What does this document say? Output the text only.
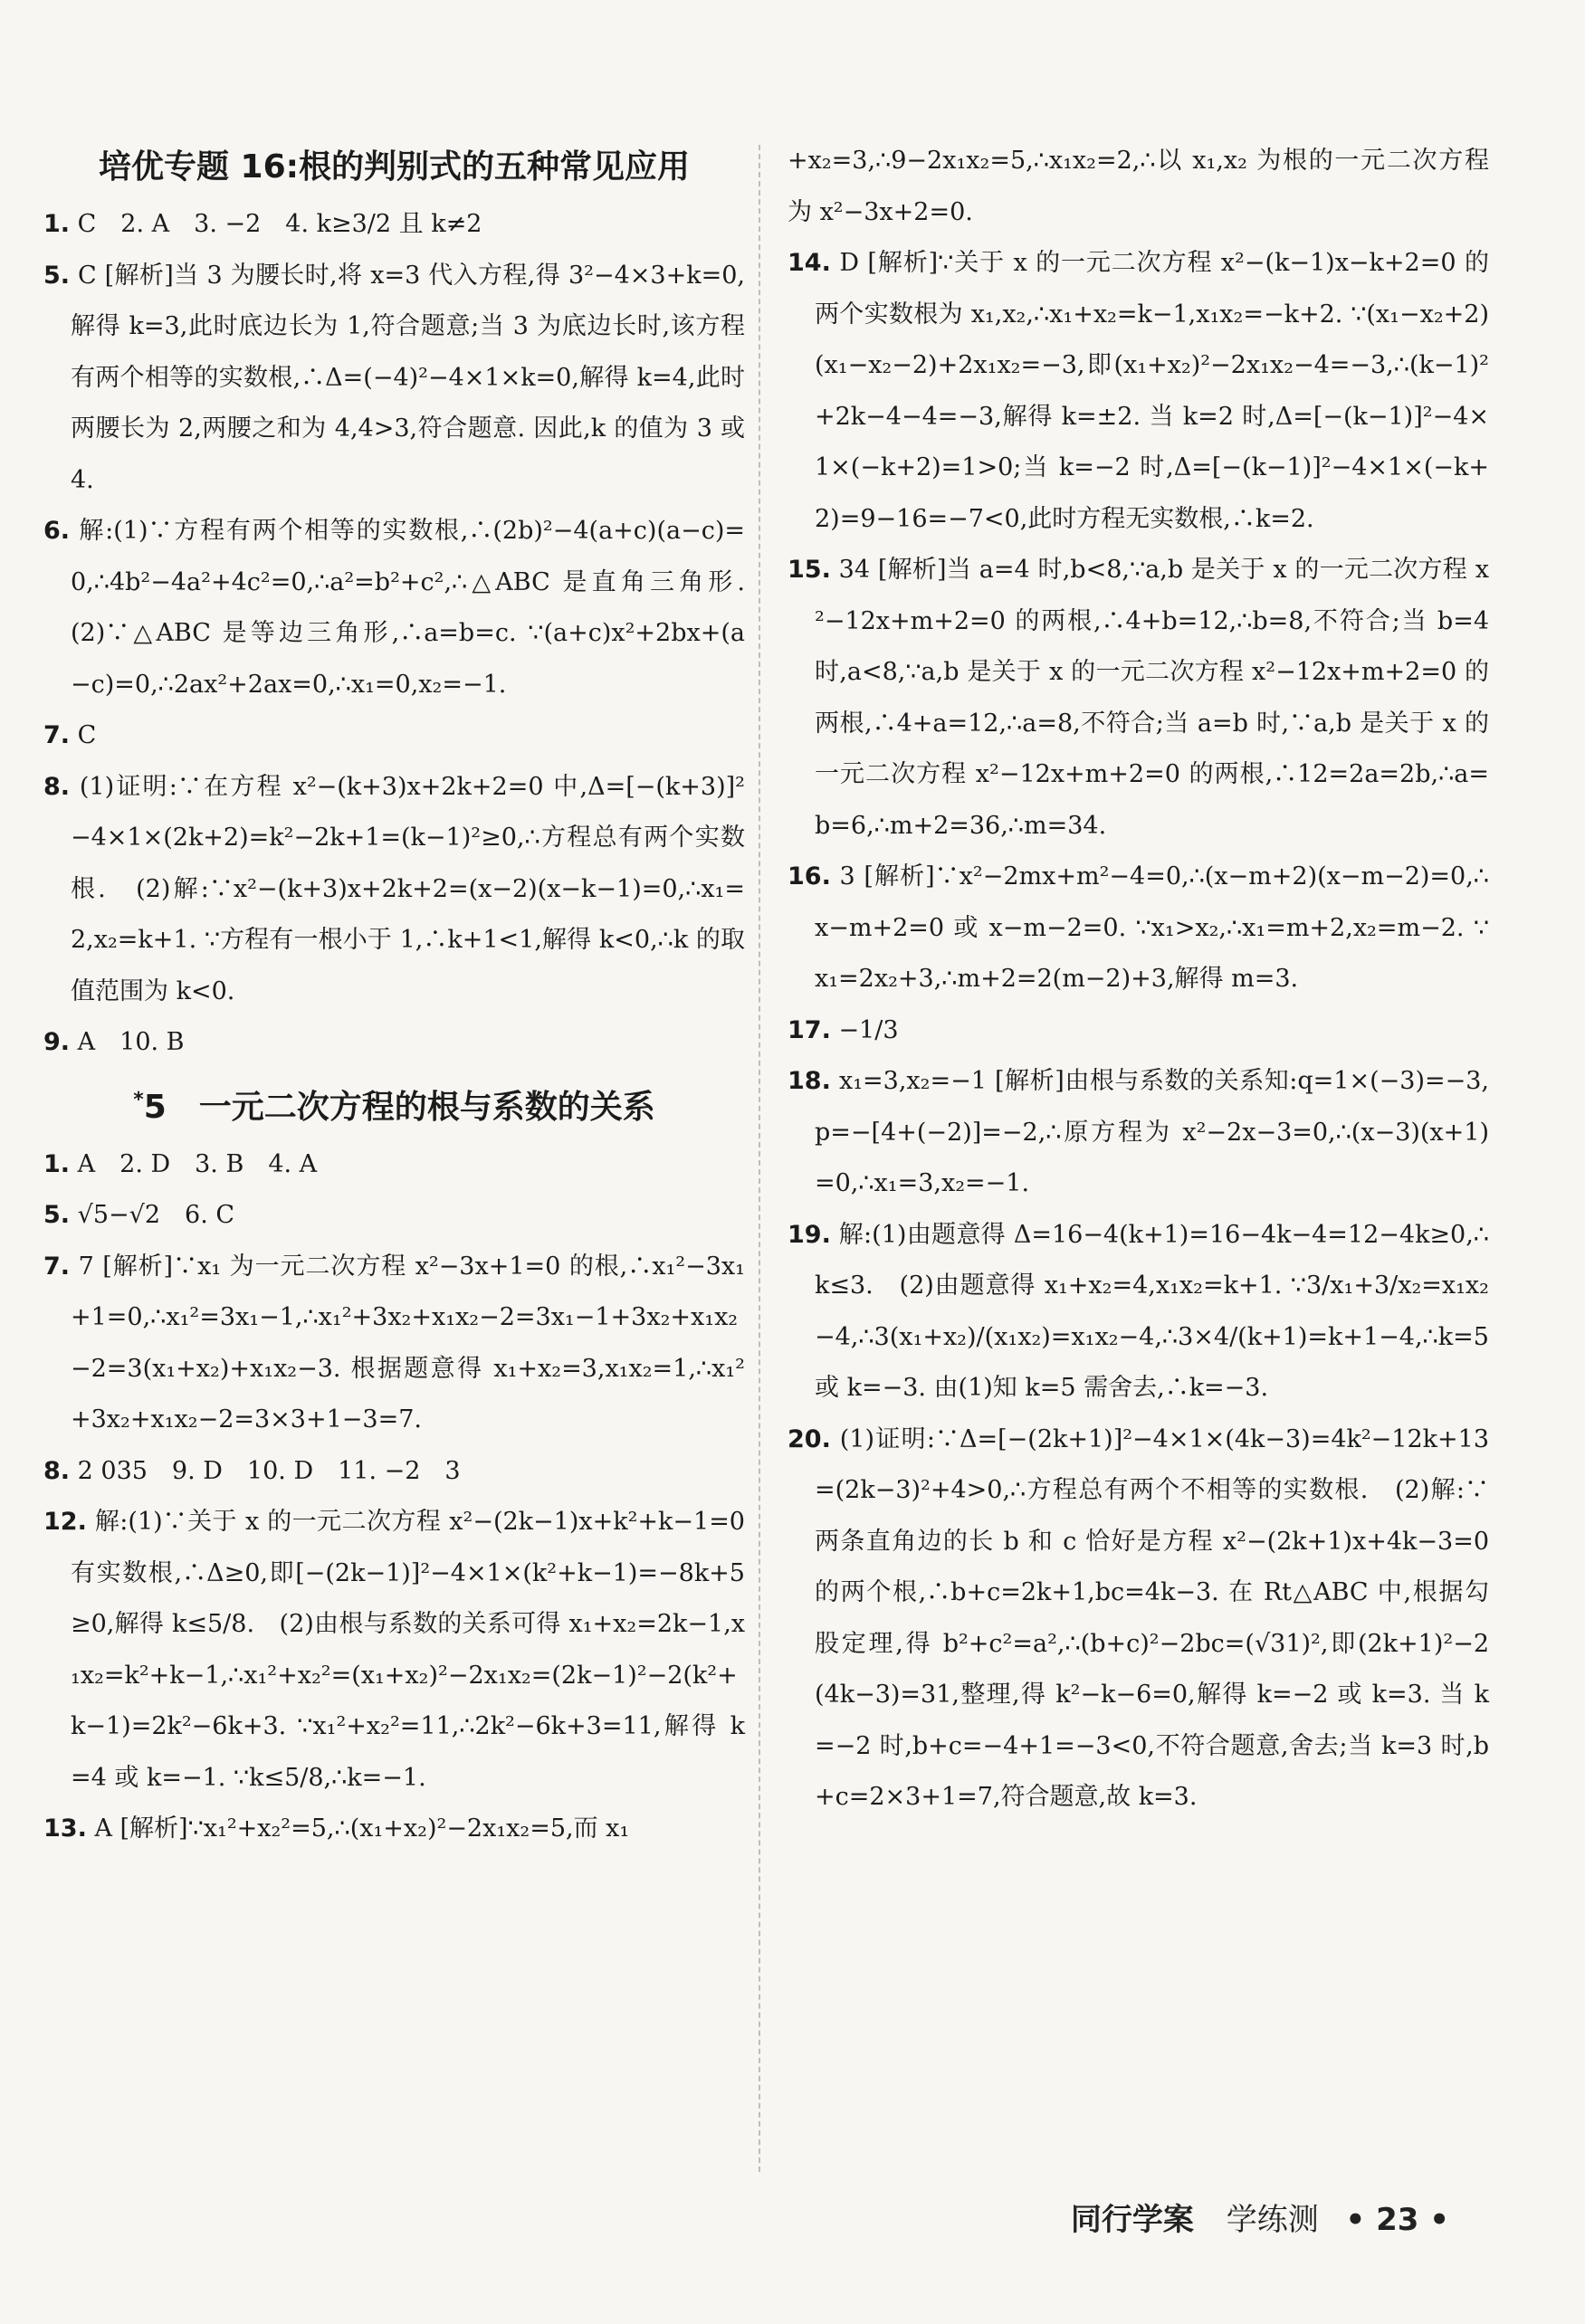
培优专题 16:根的判别式的五种常见应用

1. C　2. A　3. −2　4. k≥3/2 且 k≠2

5. C [解析]当 3 为腰长时,将 x=3 代入方程,得 3²−4×3+k=0,解得 k=3,此时底边长为 1,符合题意;当 3 为底边长时,该方程有两个相等的实数根,∴Δ=(−4)²−4×1×k=0,解得 k=4,此时两腰长为 2,两腰之和为 4,4>3,符合题意. 因此,k 的值为 3 或 4.

6. 解:(1)∵方程有两个相等的实数根,∴(2b)²−4(a+c)(a−c)=0,∴4b²−4a²+4c²=0,∴a²=b²+c²,∴△ABC 是直角三角形.　(2)∵△ABC 是等边三角形,∴a=b=c. ∵(a+c)x²+2bx+(a−c)=0,∴2ax²+2ax=0,∴x₁=0,x₂=−1.

7. C

8. (1)证明:∵在方程 x²−(k+3)x+2k+2=0 中,Δ=[−(k+3)]²−4×1×(2k+2)=k²−2k+1=(k−1)²≥0,∴方程总有两个实数根.　(2)解:∵x²−(k+3)x+2k+2=(x−2)(x−k−1)=0,∴x₁=2,x₂=k+1. ∵方程有一根小于 1,∴k+1<1,解得 k<0,∴k 的取值范围为 k<0.

9. A　10. B

*5　一元二次方程的根与系数的关系

1. A　2. D　3. B　4. A

5. √5−√2　6. C

7. 7 [解析]∵x₁ 为一元二次方程 x²−3x+1=0 的根,∴x₁²−3x₁+1=0,∴x₁²=3x₁−1,∴x₁²+3x₂+x₁x₂−2=3x₁−1+3x₂+x₁x₂−2=3(x₁+x₂)+x₁x₂−3. 根据题意得 x₁+x₂=3,x₁x₂=1,∴x₁²+3x₂+x₁x₂−2=3×3+1−3=7.

8. 2 035　9. D　10. D　11. −2　3

12. 解:(1)∵关于 x 的一元二次方程 x²−(2k−1)x+k²+k−1=0 有实数根,∴Δ≥0,即[−(2k−1)]²−4×1×(k²+k−1)=−8k+5≥0,解得 k≤5/8.　(2)由根与系数的关系可得 x₁+x₂=2k−1,x₁x₂=k²+k−1,∴x₁²+x₂²=(x₁+x₂)²−2x₁x₂=(2k−1)²−2(k²+k−1)=2k²−6k+3. ∵x₁²+x₂²=11,∴2k²−6k+3=11,解得 k=4 或 k=−1. ∵k≤5/8,∴k=−1.

13. A [解析]∵x₁²+x₂²=5,∴(x₁+x₂)²−2x₁x₂=5,而 x₁

+x₂=3,∴9−2x₁x₂=5,∴x₁x₂=2,∴以 x₁,x₂ 为根的一元二次方程为 x²−3x+2=0.

14. D [解析]∵关于 x 的一元二次方程 x²−(k−1)x−k+2=0 的两个实数根为 x₁,x₂,∴x₁+x₂=k−1,x₁x₂=−k+2. ∵(x₁−x₂+2)(x₁−x₂−2)+2x₁x₂=−3,即(x₁+x₂)²−2x₁x₂−4=−3,∴(k−1)²+2k−4−4=−3,解得 k=±2. 当 k=2 时,Δ=[−(k−1)]²−4×1×(−k+2)=1>0;当 k=−2 时,Δ=[−(k−1)]²−4×1×(−k+2)=9−16=−7<0,此时方程无实数根,∴k=2.

15. 34 [解析]当 a=4 时,b<8,∵a,b 是关于 x 的一元二次方程 x²−12x+m+2=0 的两根,∴4+b=12,∴b=8,不符合;当 b=4 时,a<8,∵a,b 是关于 x 的一元二次方程 x²−12x+m+2=0 的两根,∴4+a=12,∴a=8,不符合;当 a=b 时,∵a,b 是关于 x 的一元二次方程 x²−12x+m+2=0 的两根,∴12=2a=2b,∴a=b=6,∴m+2=36,∴m=34.

16. 3 [解析]∵x²−2mx+m²−4=0,∴(x−m+2)(x−m−2)=0,∴x−m+2=0 或 x−m−2=0. ∵x₁>x₂,∴x₁=m+2,x₂=m−2. ∵x₁=2x₂+3,∴m+2=2(m−2)+3,解得 m=3.

17. −1/3

18. x₁=3,x₂=−1 [解析]由根与系数的关系知:q=1×(−3)=−3,p=−[4+(−2)]=−2,∴原方程为 x²−2x−3=0,∴(x−3)(x+1)=0,∴x₁=3,x₂=−1.

19. 解:(1)由题意得 Δ=16−4(k+1)=16−4k−4=12−4k≥0,∴k≤3.　(2)由题意得 x₁+x₂=4,x₁x₂=k+1. ∵3/x₁+3/x₂=x₁x₂−4,∴3(x₁+x₂)/(x₁x₂)=x₁x₂−4,∴3×4/(k+1)=k+1−4,∴k=5 或 k=−3. 由(1)知 k=5 需舍去,∴k=−3.

20. (1)证明:∵Δ=[−(2k+1)]²−4×1×(4k−3)=4k²−12k+13=(2k−3)²+4>0,∴方程总有两个不相等的实数根.　(2)解:∵两条直角边的长 b 和 c 恰好是方程 x²−(2k+1)x+4k−3=0 的两个根,∴b+c=2k+1,bc=4k−3. 在 Rt△ABC 中,根据勾股定理,得 b²+c²=a²,∴(b+c)²−2bc=(√31)²,即(2k+1)²−2(4k−3)=31,整理,得 k²−k−6=0,解得 k=−2 或 k=3. 当 k=−2 时,b+c=−4+1=−3<0,不符合题意,舍去;当 k=3 时,b+c=2×3+1=7,符合题意,故 k=3.

同行学案 学练测 • 23 •
